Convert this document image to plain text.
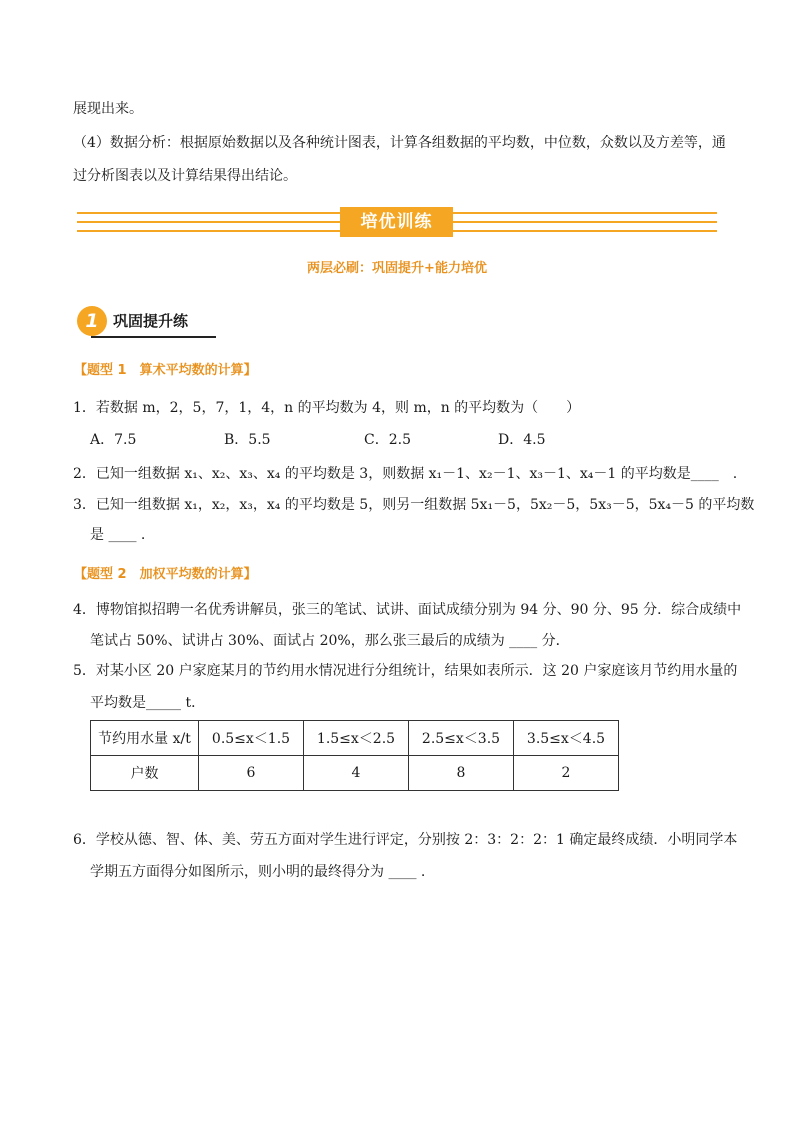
展现出来。
（4）数据分析：根据原始数据以及各种统计图表，计算各组数据的平均数，中位数，众数以及方差等，通
过分析图表以及计算结果得出结论。
培优训练
两层必刷：巩固提升+能力培优
1 巩固提升练
【题型 1　算术平均数的计算】
1．若数据 m，2，5，7，1，4，n 的平均数为 4，则 m，n 的平均数为（　　）
A．7.5	B．5.5	C．2.5	D．4.5
2．已知一组数据 x₁、x₂、x₃、x₄ 的平均数是 3，则数据 x₁－1、x₂－1、x₃－1、x₄－1 的平均数是____　.
3．已知一组数据 x₁，x₂，x₃，x₄ 的平均数是 5，则另一组数据 5x₁－5，5x₂－5，5x₃－5，5x₄－5 的平均数
是 ____ .
【题型 2　加权平均数的计算】
4．博物馆拟招聘一名优秀讲解员，张三的笔试、试讲、面试成绩分别为 94 分、90 分、95 分．综合成绩中
笔试占 50%、试讲占 30%、面试占 20%，那么张三最后的成绩为 ____ 分．
5．对某小区 20 户家庭某月的节约用水情况进行分组统计，结果如表所示．这 20 户家庭该月节约用水量的
平均数是_____ t．
节约用水量 x/t	0.5≤x＜1.5	1.5≤x＜2.5	2.5≤x＜3.5	3.5≤x＜4.5
户数	6	4	8	2
6．学校从德、智、体、美、劳五方面对学生进行评定，分别按 2：3：2：2：1 确定最终成绩．小明同学本
学期五方面得分如图所示，则小明的最终得分为 ____ .
